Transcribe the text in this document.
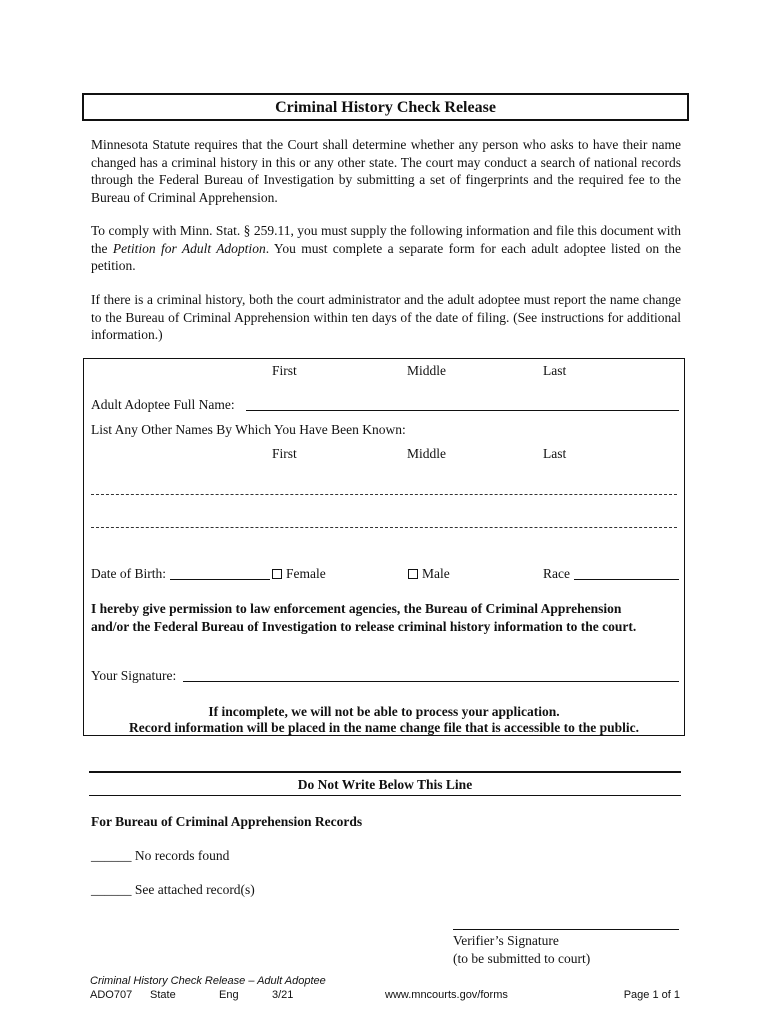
Criminal History Check Release
Minnesota Statute requires that the Court shall determine whether any person who asks to have their name changed has a criminal history in this or any other state. The court may conduct a search of national records through the Federal Bureau of Investigation by submitting a set of fingerprints and the required fee to the Bureau of Criminal Apprehension.
To comply with Minn. Stat. § 259.11, you must supply the following information and file this document with the Petition for Adult Adoption. You must complete a separate form for each adult adoptee listed on the petition.
If there is a criminal history, both the court administrator and the adult adoptee must report the name change to the Bureau of Criminal Apprehension within ten days of the date of filing. (See instructions for additional information.)
First	Middle	Last
Adult Adoptee Full Name:
List Any Other Names By Which You Have Been Known:
First	Middle	Last
Date of Birth:	Female	Male	Race
I hereby give permission to law enforcement agencies, the Bureau of Criminal Apprehension
and/or the Federal Bureau of Investigation to release criminal history information to the court.
Your Signature:
If incomplete, we will not be able to process your application.
Record information will be placed in the name change file that is accessible to the public.
Do Not Write Below This Line
For Bureau of Criminal Apprehension Records
______ No records found
______ See attached record(s)
Verifier’s Signature
(to be submitted to court)
Criminal History Check Release – Adult Adoptee
ADO707 State	Eng	3/21	www.mncourts.gov/forms	Page 1 of 1
